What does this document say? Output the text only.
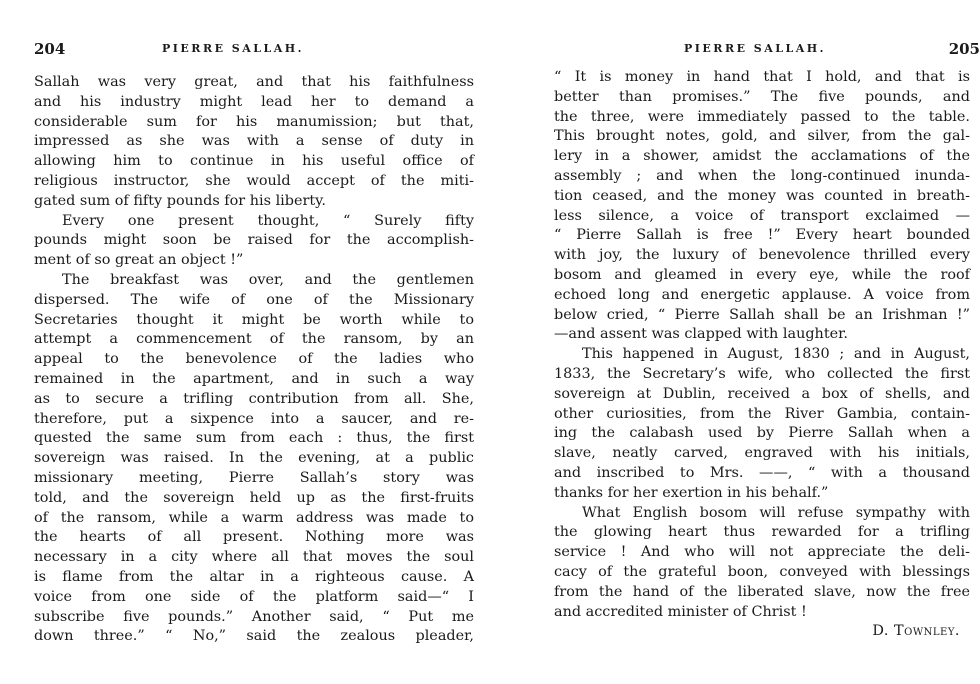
204	PIERRE SALLAH.
Sallah was very great, and that his faithfulness
and his industry might lead her to demand a
considerable sum for his manumission; but that,
impressed as she was with a sense of duty in
allowing him to continue in his useful office of
religious instructor, she would accept of the miti-
gated sum of fifty pounds for his liberty.
Every one present thought, “ Surely fifty
pounds might soon be raised for the accomplish-
ment of so great an object !”
The breakfast was over, and the gentlemen
dispersed. The wife of one of the Missionary
Secretaries thought it might be worth while to
attempt a commencement of the ransom, by an
appeal to the benevolence of the ladies who
remained in the apartment, and in such a way
as to secure a trifling contribution from all. She,
therefore, put a sixpence into a saucer, and re-
quested the same sum from each : thus, the first
sovereign was raised. In the evening, at a public
missionary meeting, Pierre Sallah’s story was
told, and the sovereign held up as the first-fruits
of the ransom, while a warm address was made to
the hearts of all present. Nothing more was
necessary in a city where all that moves the soul
is flame from the altar in a righteous cause. A
voice from one side of the platform said—“ I
subscribe five pounds.” Another said, “ Put me
down three.” “ No,” said the zealous pleader,
PIERRE SALLAH.	205
“ It is money in hand that I hold, and that is
better than promises.” The five pounds, and
the three, were immediately passed to the table.
This brought notes, gold, and silver, from the gal-
lery in a shower, amidst the acclamations of the
assembly ; and when the long-continued inunda-
tion ceased, and the money was counted in breath-
less silence, a voice of transport exclaimed —
“ Pierre Sallah is free !” Every heart bounded
with joy, the luxury of benevolence thrilled every
bosom and gleamed in every eye, while the roof
echoed long and energetic applause. A voice from
below cried, “ Pierre Sallah shall be an Irishman !”
—and assent was clapped with laughter.
This happened in August, 1830 ; and in August,
1833, the Secretary’s wife, who collected the first
sovereign at Dublin, received a box of shells, and
other curiosities, from the River Gambia, contain-
ing the calabash used by Pierre Sallah when a
slave, neatly carved, engraved with his initials,
and inscribed to Mrs. ——, “ with a thousand
thanks for her exertion in his behalf.”
What English bosom will refuse sympathy with
the glowing heart thus rewarded for a trifling
service ! And who will not appreciate the deli-
cacy of the grateful boon, conveyed with blessings
from the hand of the liberated slave, now the free
and accredited minister of Christ !
D. Townley.
